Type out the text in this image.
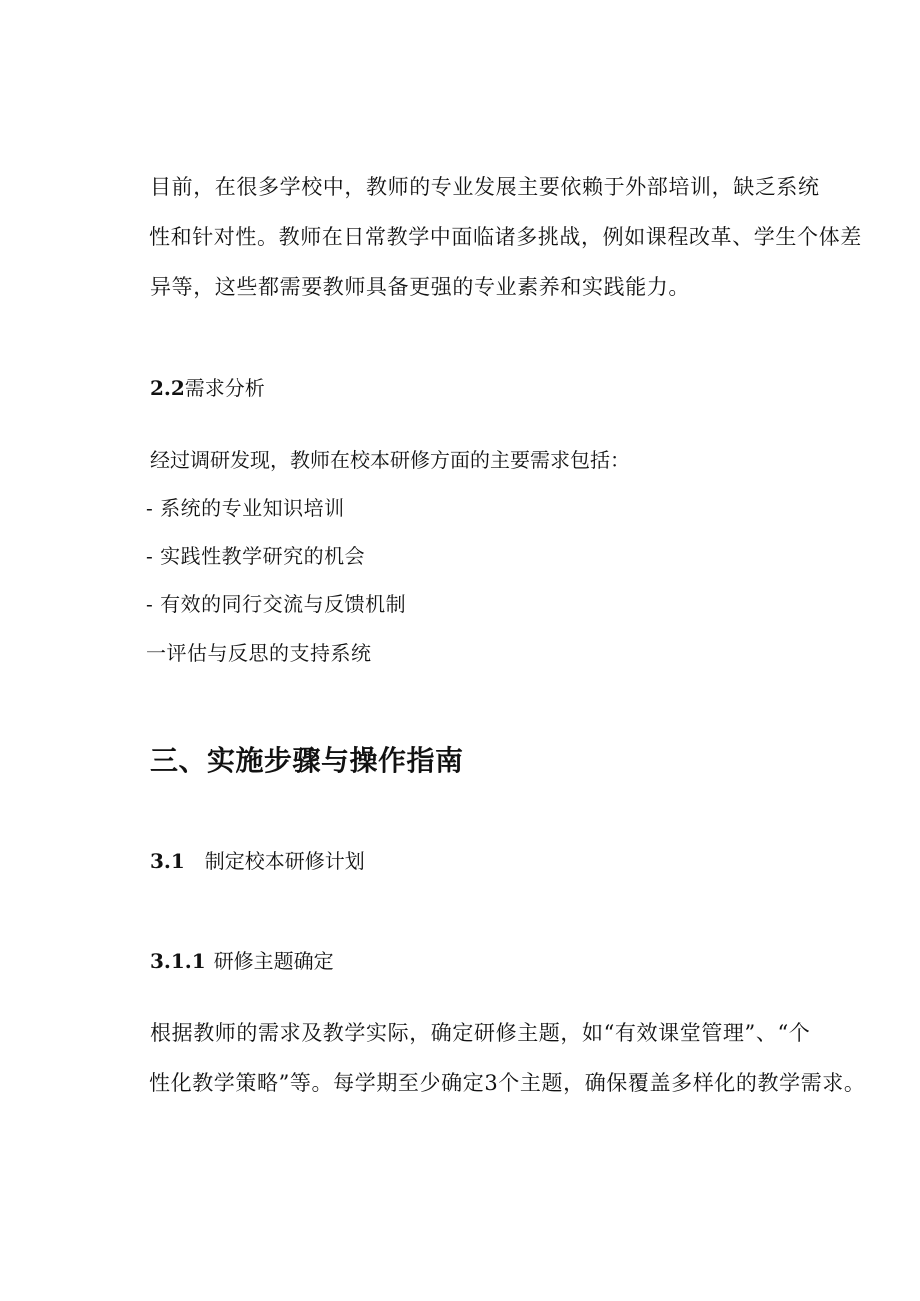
目前，在很多学校中，教师的专业发展主要依赖于外部培训，缺乏系统
性和针对性。教师在日常教学中面临诸多挑战，例如课程改革、学生个体差
异等，这些都需要教师具备更强的专业素养和实践能力。
2.2需求分析
经过调研发现，教师在校本研修方面的主要需求包括：
- 系统的专业知识培训
- 实践性教学研究的机会
- 有效的同行交流与反馈机制
一评估与反思的支持系统
三、实施步骤与操作指南
3.1 制定校本研修计划
3.1.1 研修主题确定
根据教师的需求及教学实际，确定研修主题，如“有效课堂管理”、“个
性化教学策略”等。每学期至少确定3个主题，确保覆盖多样化的教学需求。
